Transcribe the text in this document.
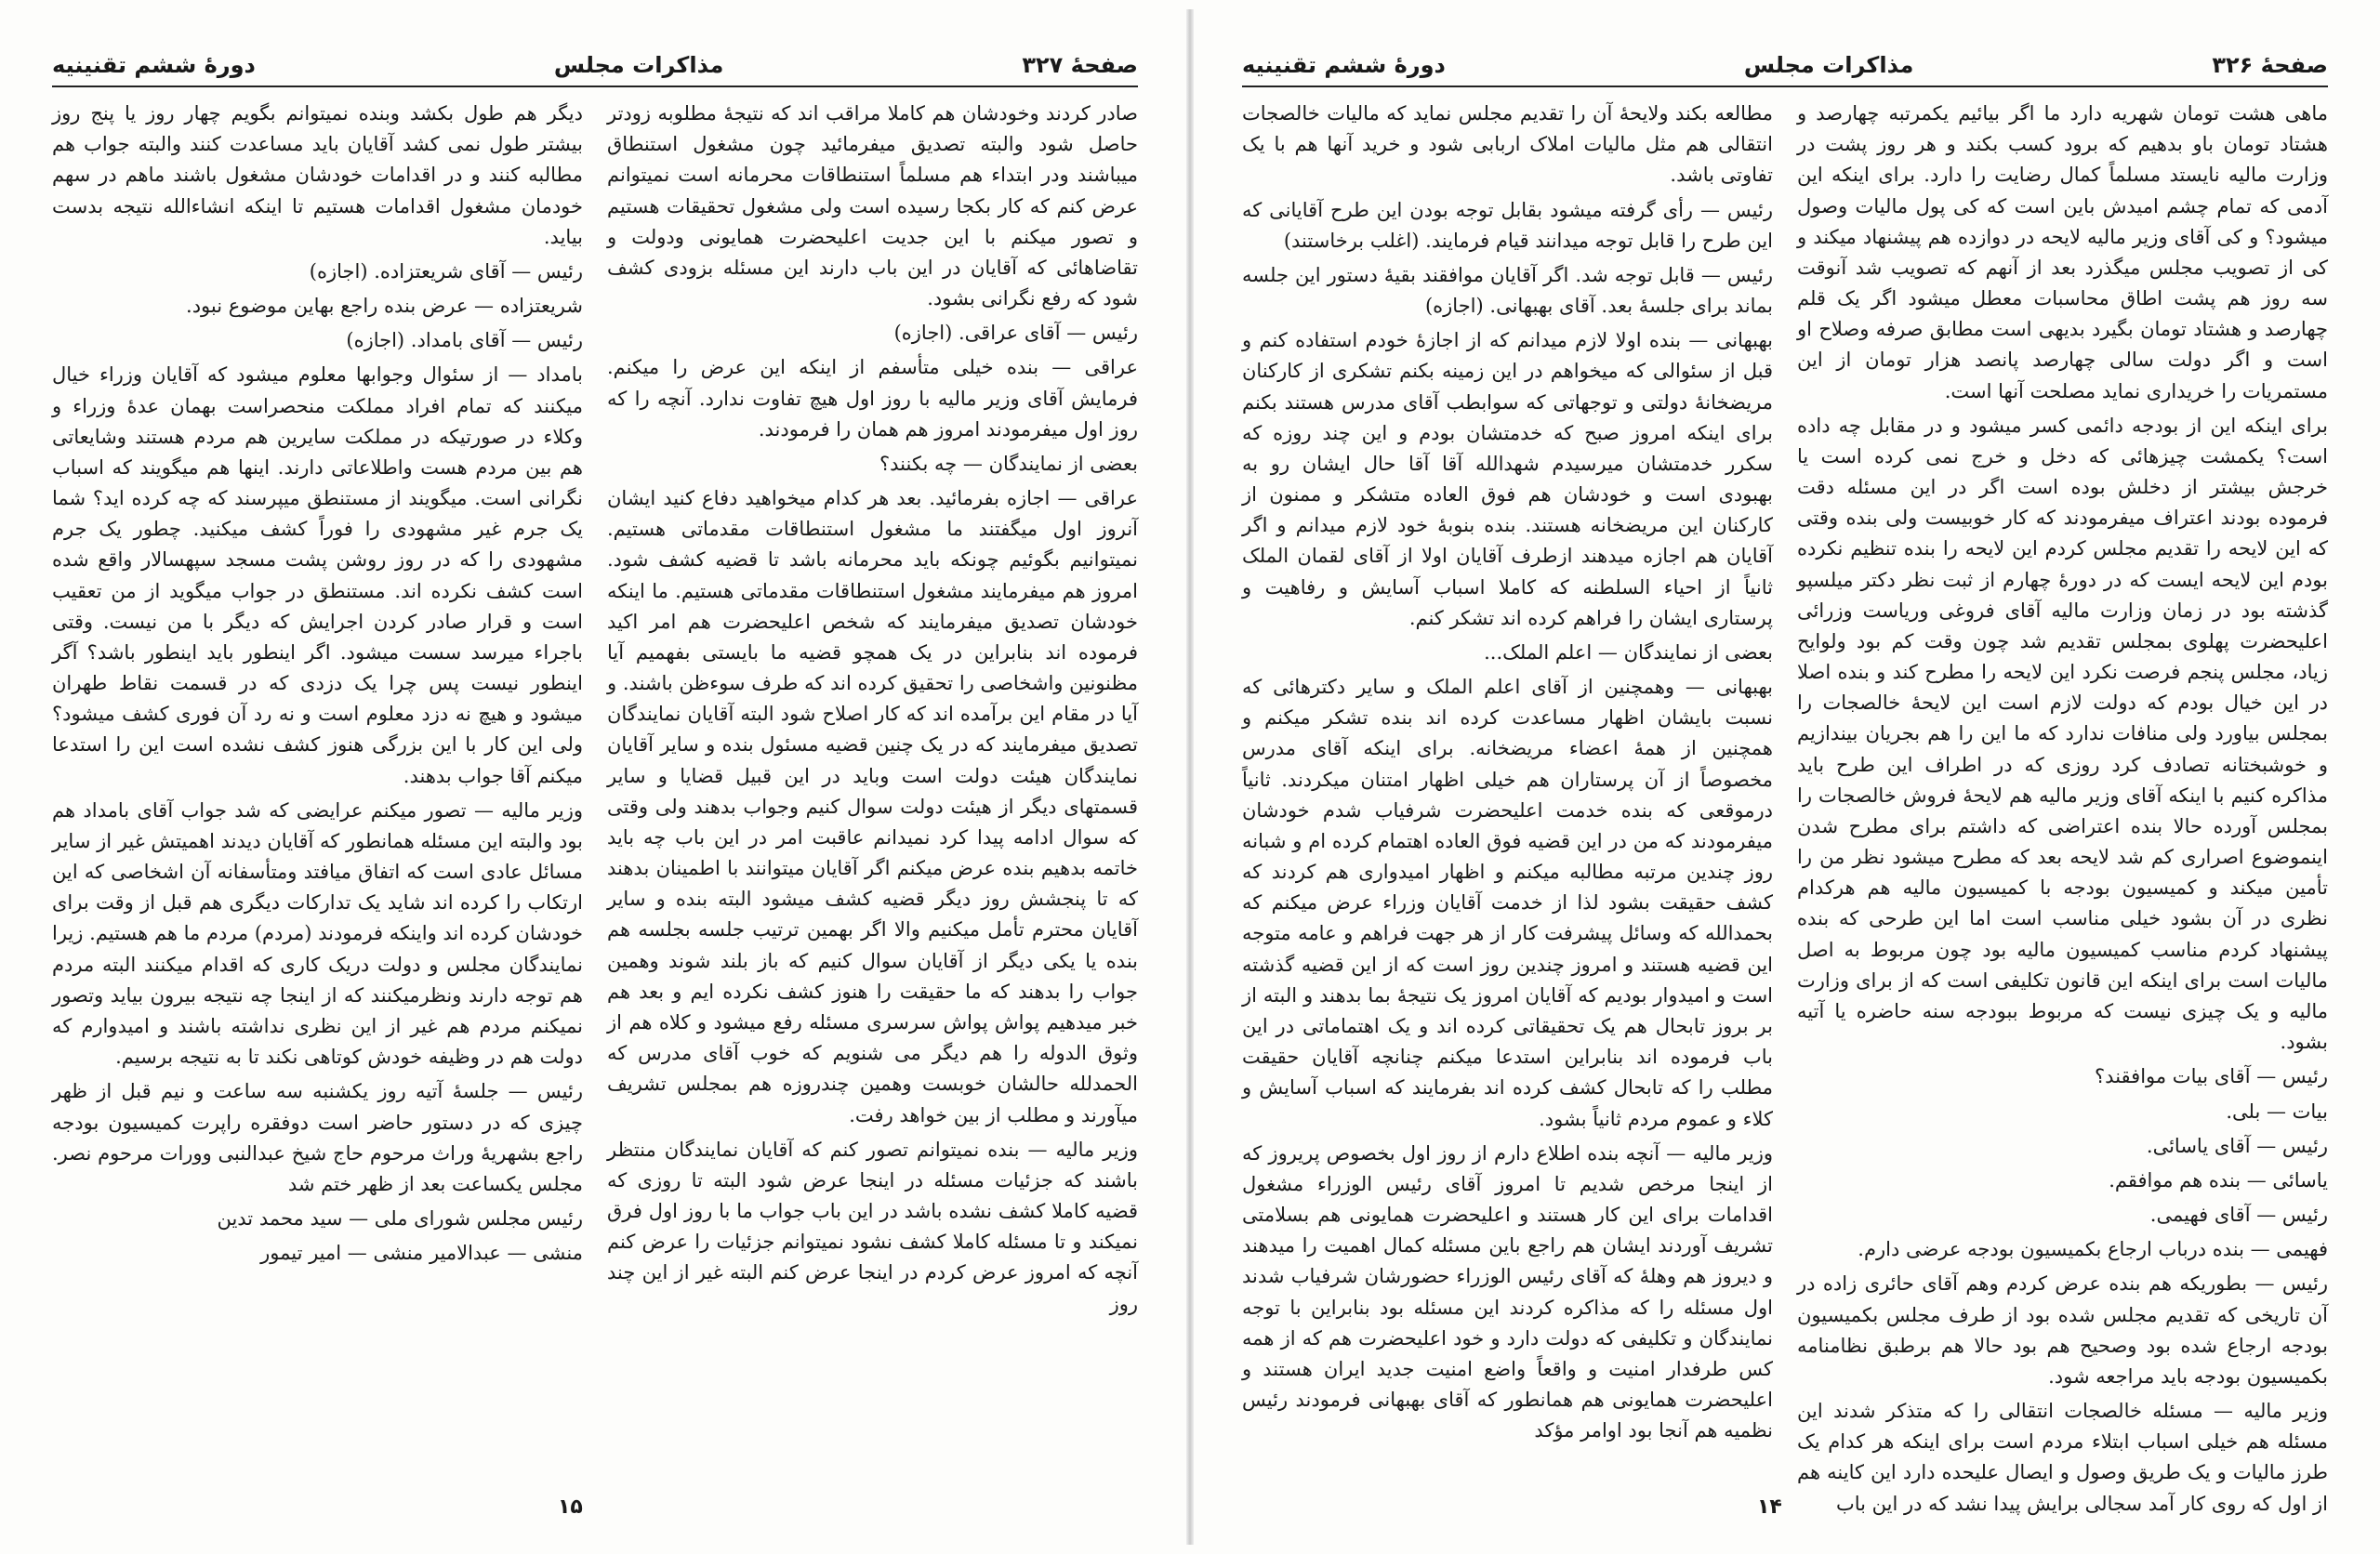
صفحهٔ ۳۲۷
مذاکرات مجلس
دورهٔ ششم تقنینیه

صادر کردند وخودشان هم کاملا مراقب اند که نتیجهٔ مطلوبه زودتر حاصل شود والبته تصدیق میفرمائید چون مشغول استنطاق میباشند ودر ابتداء هم مسلماً استنطاقات محرمانه است نمیتوانم عرض کنم که کار بکجا رسیده است ولی مشغول تحقیقات هستیم و تصور میکنم با این جدیت اعلیحضرت همایونی ودولت و تقاضاهائی که آقایان در این باب دارند این مسئله بزودی کشف شود که رفع نگرانی بشود.

رئیس — آقای عراقی. (اجازه)

عراقی — بنده خیلی متأسفم از اینکه این عرض را میکنم. فرمایش آقای وزیر مالیه با روز اول هیچ تفاوت ندارد. آنچه را که روز اول میفرمودند امروز هم همان را فرمودند.

بعضی از نمایندگان — چه بکنند؟

عراقی — اجازه بفرمائید. بعد هر کدام میخواهید دفاع کنید ایشان آنروز اول میگفتند ما مشغول استنطاقات مقدماتی هستیم. نمیتوانیم بگوئیم چونکه باید محرمانه باشد تا قضیه کشف شود. امروز هم میفرمایند مشغول استنطاقات مقدماتی هستیم. ما اینکه خودشان تصدیق میفرمایند که شخص اعلیحضرت هم امر اکید فرموده اند بنابراین در یک همچو قضیه ما بایستی بفهمیم آیا مظنونین واشخاصی را تحقیق کرده اند که طرف سوءظن باشند. و آیا در مقام این برآمده اند که کار اصلاح شود البته آقایان نمایندگان تصدیق میفرمایند که در یک چنین قضیه مسئول بنده و سایر آقایان نمایندگان هیئت دولت است وباید در این قبیل قضایا و سایر قسمتهای دیگر از هیئت دولت سوال کنیم وجواب بدهند ولی وقتی که سوال ادامه پیدا کرد نمیدانم عاقبت امر در این باب چه باید خاتمه بدهیم بنده عرض میکنم اگر آقایان میتوانند با اطمینان بدهند که تا پنجشش روز دیگر قضیه کشف میشود البته بنده و سایر آقایان محترم تأمل میکنیم والا اگر بهمین ترتیب جلسه بجلسه هم بنده یا یکی دیگر از آقایان سوال کنیم که باز بلند شوند وهمین جواب را بدهند که ما حقیقت را هنوز کشف نکرده ایم و بعد هم خبر میدهیم پواش پواش سرسری مسئله رفع میشود و کلاه هم از وثوق الدوله را هم دیگر می شنویم که خوب آقای مدرس که الحمدلله حالشان خوبست وهمین چندروزه هم بمجلس تشریف میآورند و مطلب از بین خواهد رفت.

وزیر مالیه — بنده نمیتوانم تصور کنم که آقایان نمایندگان منتظر باشند که جزئیات مسئله در اینجا عرض شود البته تا روزی که قضیه کاملا کشف نشده باشد در این باب جواب ما با روز اول فرق نمیکند و تا مسئله کاملا کشف نشود نمیتوانم جزئیات را عرض کنم آنچه که امروز عرض کردم در اینجا عرض کنم البته غیر از این چند روز

دیگر هم طول بکشد وبنده نمیتوانم بگویم چهار روز یا پنج روز بیشتر طول نمی کشد آقایان باید مساعدت کنند والبته جواب هم مطالبه کنند و در اقدامات خودشان مشغول باشند ماهم در سهم خودمان مشغول اقدامات هستیم تا اینکه انشاءالله نتیجه بدست بیاید.

رئیس — آقای شریعتزاده. (اجازه)

شریعتزاده — عرض بنده راجع بهاین موضوع نبود.

رئیس — آقای بامداد. (اجازه)

بامداد — از سئوال وجوابها معلوم میشود که آقایان وزراء خیال میکنند که تمام افراد مملکت منحصراست بهمان عدهٔ وزراء و وکلاء در صورتیکه در مملکت سایرین هم مردم هستند وشایعاتی هم بین مردم هست واطلاعاتی دارند. اینها هم میگویند که اسباب نگرانی است. میگویند از مستنطق میپرسند که چه کرده اید؟ شما یک جرم غیر مشهودی را فوراً کشف میکنید. چطور یک جرم مشهودی را که در روز روشن پشت مسجد سپهسالار واقع شده است کشف نکرده اند. مستنطق در جواب میگوید از من تعقیب است و قرار صادر کردن اجرایش که دیگر با من نیست. وقتی باجراء میرسد سست میشود. اگر اینطور باید اینطور باشد؟ آگر اینطور نیست پس چرا یک دزدی که در قسمت نقاط طهران میشود و هیچ نه دزد معلوم است و نه رد آن فوری کشف میشود؟ ولی این کار با این بزرگی هنوز کشف نشده است این را استدعا میکنم آقا جواب بدهند.

وزیر مالیه — تصور میکنم عرایضی که شد جواب آقای بامداد هم بود والبته این مسئله همانطور که آقایان دیدند اهمیتش غیر از سایر مسائل عادی است که اتفاق میافتد ومتأسفانه آن اشخاصی که این ارتکاب را کرده اند شاید یک تدارکات دیگری هم قبل از وقت برای خودشان کرده اند واینکه فرمودند (مردم) مردم ما هم هستیم. زیرا نمایندگان مجلس و دولت دریک کاری که اقدام میکنند البته مردم هم توجه دارند ونظرمیکنند که از اینجا چه نتیجه بیرون بیاید وتصور نمیکنم مردم هم غیر از این نظری نداشته باشند و امیدوارم که دولت هم در وظیفه خودش کوتاهی نکند تا به نتیجه برسیم.

رئیس — جلسهٔ آتیه روز یکشنبه سه ساعت و نیم قبل از ظهر چیزی که در دستور حاضر است دوفقره راپرت کمیسیون بودجه راجع بشهریهٔ وراث مرحوم حاج شیخ عبدالنبی وورات مرحوم نصر. مجلس یکساعت بعد از ظهر ختم شد

رئیس مجلس شورای ملی — سید محمد تدین

منشی — عبدالامیر منشی — امیر تیمور

۱۵
صفحهٔ ۳۲۶
مذاکرات مجلس
دورهٔ ششم تقنینیه

ماهی هشت تومان شهریه دارد ما اگر بیائیم یکمرتبه چهارصد و هشتاد تومان باو بدهیم که برود کسب بکند و هر روز پشت در وزارت مالیه نایستد مسلماً کمال رضایت را دارد. برای اینکه این آدمی که تمام چشم امیدش باین است که کی پول مالیات وصول میشود؟ و کی آقای وزیر مالیه لایحه در دوازده هم پیشنهاد میکند و کی از تصویب مجلس میگذرد بعد از آنهم که تصویب شد آنوقت سه روز هم پشت اطاق محاسبات معطل میشود اگر یک قلم چهارصد و هشتاد تومان بگیرد بدیهی است مطابق صرفه وصلاح او است و اگر دولت سالی چهارصد پانصد هزار تومان از این مستمریات را خریداری نماید مصلحت آنها است.

برای اینکه این از بودجه دائمی کسر میشود و در مقابل چه داده است؟ یکمشت چیزهائی که دخل و خرج نمی کرده است یا خرجش بیشتر از دخلش بوده است اگر در این مسئله دقت فرموده بودند اعتراف میفرمودند که کار خوبیست ولی بنده وقتی که این لایحه را تقدیم مجلس کردم این لایحه را بنده تنظیم نکرده بودم این لایحه ایست که در دورهٔ چهارم از ثبت نظر دکتر میلسپو گذشته بود در زمان وزارت مالیه آقای فروغی وریاست وزرائی اعلیحضرت پهلوی بمجلس تقدیم شد چون وقت کم بود ولوایح زیاد، مجلس پنجم فرصت نکرد این لایحه را مطرح کند و بنده اصلا در این خیال بودم که دولت لازم است این لایحهٔ خالصجات را بمجلس بیاورد ولی منافات ندارد که ما این را هم بجریان بیندازیم و خوشبختانه تصادف کرد روزی که در اطراف این طرح باید مذاکره کنیم با اینکه آقای وزیر مالیه هم لایحهٔ فروش خالصجات را بمجلس آورده حالا بنده اعتراضی که داشتم برای مطرح شدن اینموضوع اصراری کم شد لایحه بعد که مطرح میشود نظر من را تأمین میکند و کمیسیون بودجه با کمیسیون مالیه هم هرکدام نظری در آن بشود خیلی مناسب است اما این طرحی که بنده پیشنهاد کردم مناسب کمیسیون مالیه بود چون مربوط به اصل مالیات است برای اینکه این قانون تکلیفی است که از برای وزارت مالیه و یک چیزی نیست که مربوط ببودجه سنه حاضره یا آتیه بشود.

رئیس — آقای بیات موافقند؟

بیات — بلی.

رئیس — آقای یاسائی.

یاسائی — بنده هم موافقم.

رئیس — آقای فهیمی.

فهیمی — بنده درباب ارجاع بکمیسیون بودجه عرضی دارم.

رئیس — بطوریکه هم بنده عرض کردم وهم آقای حائری زاده در آن تاریخی که تقدیم مجلس شده بود از طرف مجلس بکمیسیون بودجه ارجاع شده بود وصحیح هم بود حالا هم برطبق نظامنامه بکمیسیون بودجه باید مراجعه شود.

وزیر مالیه — مسئله خالصجات انتقالی را که متذکر شدند این مسئله هم خیلی اسباب ابتلاء مردم است برای اینکه هر کدام یک طرز مالیات و یک طریق وصول و ایصال علیحده دارد این کاینه هم از اول که روی کار آمد سجالی برایش پیدا نشد که در این باب

مطالعه بکند ولایحهٔ آن را تقدیم مجلس نماید که مالیات خالصجات انتقالی هم مثل مالیات املاک اربابی شود و خرید آنها هم با یک تفاوتی باشد.

رئیس — رأی گرفته میشود بقابل توجه بودن این طرح آقایانی که این طرح را قابل توجه میدانند قیام فرمایند. (اغلب برخاستند)

رئیس — قابل توجه شد. اگر آقایان موافقند بقیهٔ دستور این جلسه بماند برای جلسهٔ بعد. آقای بهبهانی. (اجازه)

بهبهانی — بنده اولا لازم میدانم که از اجازهٔ خودم استفاده کنم و قبل از سئوالی که میخواهم در این زمینه بکنم تشکری از کارکنان مریضخانهٔ دولتی و توجهاتی که سوابطب آقای مدرس هستند بکنم برای اینکه امروز صبح که خدمتشان بودم و این چند روزه که سکرر خدمتشان میرسیدم شهدالله آقا آقا حال ایشان رو به بهبودی است و خودشان هم فوق العاده متشکر و ممنون از کارکنان این مریضخانه هستند. بنده بنوبهٔ خود لازم میدانم و اگر آقایان هم اجازه میدهند ازطرف آقایان اولا از آقای لقمان الملک ثانیاً از احیاء السلطنه که کاملا اسباب آسایش و رفاهیت و پرستاری ایشان را فراهم کرده اند تشکر کنم.

بعضی از نمایندگان — اعلم الملک...

بهبهانی — وهمچنین از آقای اعلم الملک و سایر دکترهائی که نسبت بایشان اظهار مساعدت کرده اند بنده تشکر میکنم و همچنین از همهٔ اعضاء مریضخانه. برای اینکه آقای مدرس مخصوصاً از آن پرستاران هم خیلی اظهار امتنان میکردند. ثانیاً درموقعی که بنده خدمت اعلیحضرت شرفیاب شدم خودشان میفرمودند که من در این قضیه فوق العاده اهتمام کرده ام و شبانه روز چندین مرتبه مطالبه میکنم و اظهار امیدواری هم کردند که کشف حقیقت بشود لذا از خدمت آقایان وزراء عرض میکنم که بحمدالله که وسائل پیشرفت کار از هر جهت فراهم و عامه متوجه این قضیه هستند و امروز چندین روز است که از این قضیه گذشته است و امیدوار بودیم که آقایان امروز یک نتیجهٔ بما بدهند و البته از بر بروز تابحال هم یک تحقیقاتی کرده اند و یک اهتماماتی در این باب فرموده اند بنابراین استدعا میکنم چنانچه آقایان حقیقت مطلب را که تابحال کشف کرده اند بفرمایند که اسباب آسایش و کلاء و عموم مردم ثانیاً بشود.

وزیر مالیه — آنچه بنده اطلاع دارم از روز اول بخصوص پریروز که از اینجا مرخص شدیم تا امروز آقای رئیس الوزراء مشغول اقدامات برای این کار هستند و اعلیحضرت همایونی هم بسلامتی تشریف آوردند ایشان هم راجع باین مسئله کمال اهمیت را میدهند و دیروز هم وهلهٔ که آقای رئیس الوزراء حضورشان شرفیاب شدند اول مسئله را که مذاکره کردند این مسئله بود بنابراین با توجه نمایندگان و تکلیفی که دولت دارد و خود اعلیحضرت هم که از همه کس طرفدار امنیت و واقعاً واضع امنیت جدید ایران هستند و اعلیحضرت همایونی هم همانطور که آقای بهبهانی فرمودند رئیس نظمیه هم آنجا بود اوامر مؤکد

۱۴
